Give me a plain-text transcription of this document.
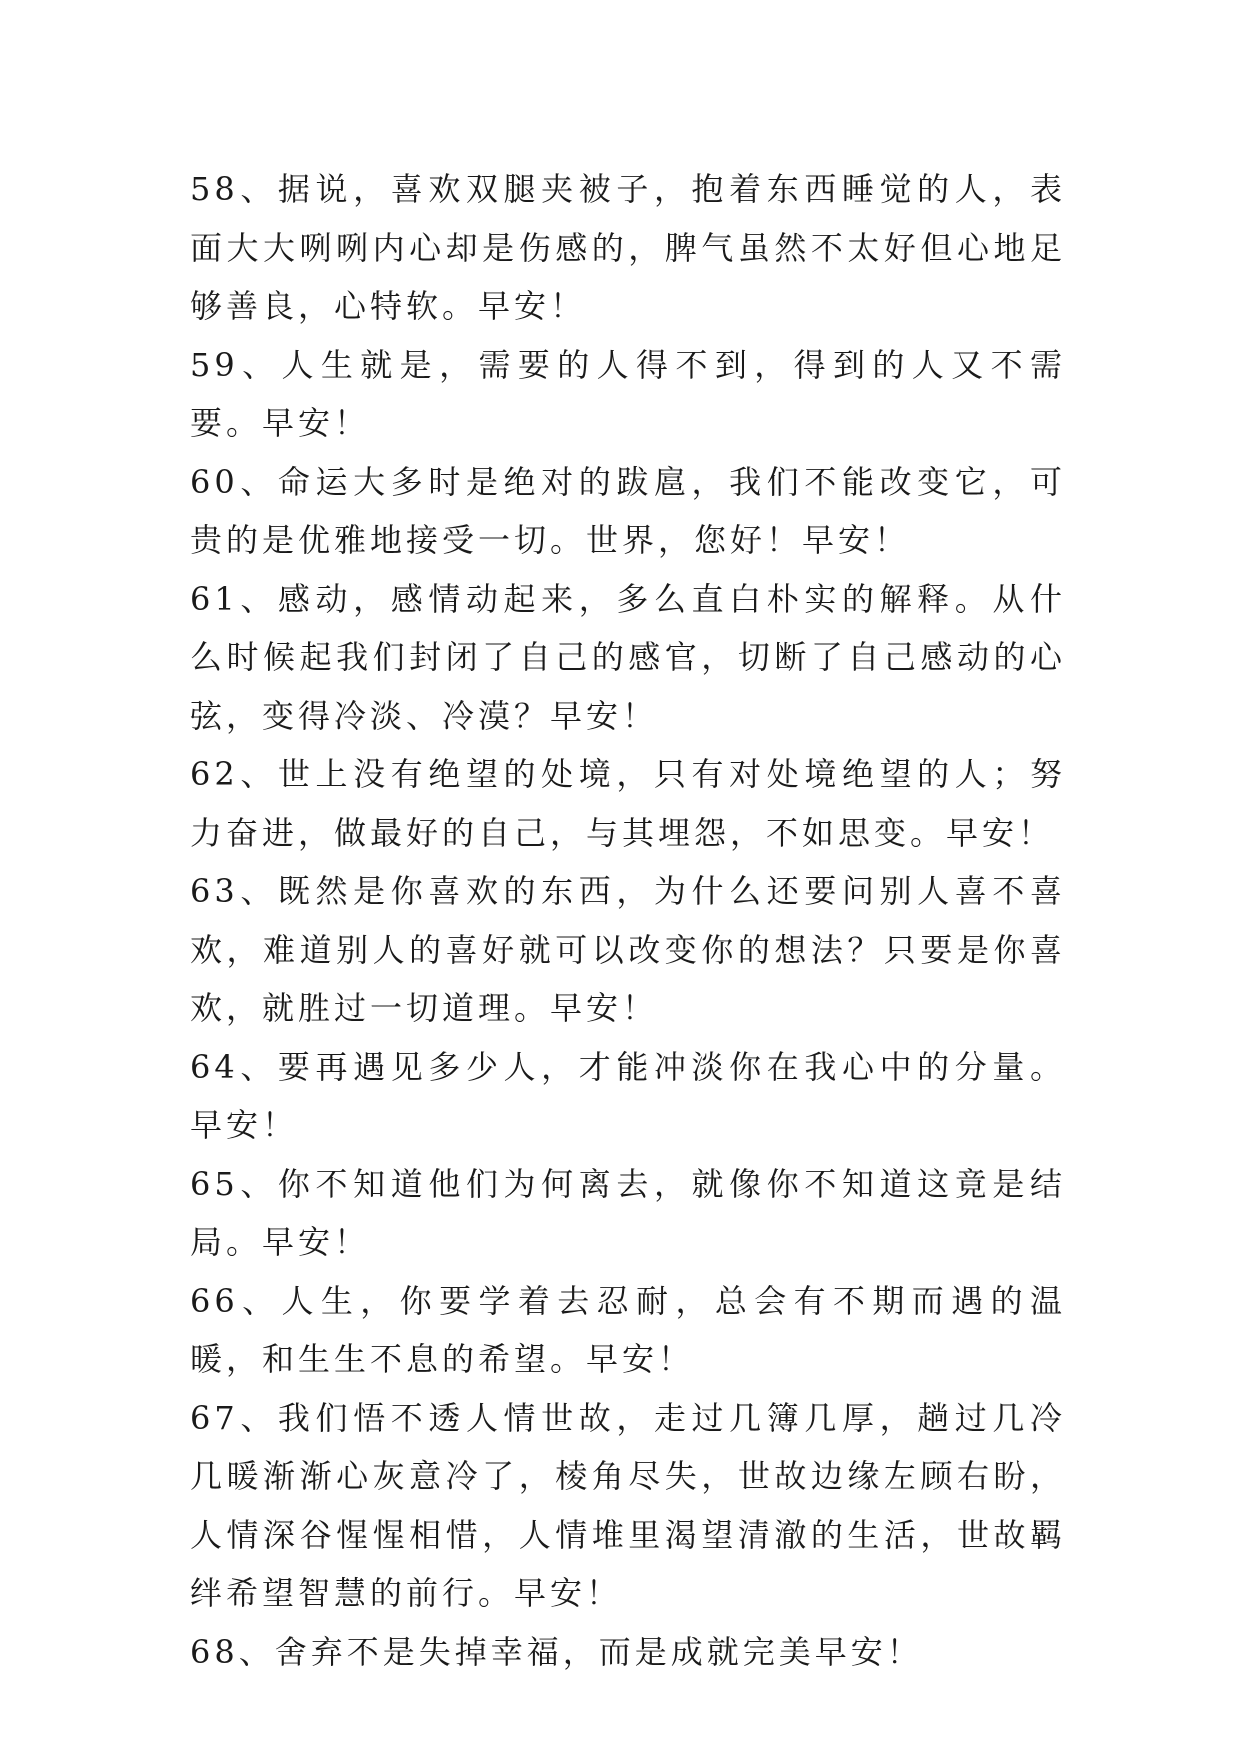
58、据说，喜欢双腿夹被子，抱着东西睡觉的人，表面大大咧咧内心却是伤感的，脾气虽然不太好但心地足够善良，心特软。早安！

59、人生就是，需要的人得不到，得到的人又不需要。早安！

60、命运大多时是绝对的跋扈，我们不能改变它，可贵的是优雅地接受一切。世界，您好！早安！

61、感动，感情动起来，多么直白朴实的解释。从什么时候起我们封闭了自己的感官，切断了自己感动的心弦，变得冷淡、冷漠？早安！

62、世上没有绝望的处境，只有对处境绝望的人；努力奋进，做最好的自己，与其埋怨，不如思变。早安！

63、既然是你喜欢的东西，为什么还要问别人喜不喜欢，难道别人的喜好就可以改变你的想法？只要是你喜欢，就胜过一切道理。早安！

64、要再遇见多少人，才能冲淡你在我心中的分量。早安！

65、你不知道他们为何离去，就像你不知道这竟是结局。早安！

66、人生，你要学着去忍耐，总会有不期而遇的温暖，和生生不息的希望。早安！

67、我们悟不透人情世故，走过几簿几厚，趟过几冷几暖渐渐心灰意冷了，棱角尽失，世故边缘左顾右盼，人情深谷惺惺相惜，人情堆里渴望清澈的生活，世故羁绊希望智慧的前行。早安！

68、舍弃不是失掉幸福，而是成就完美早安！
